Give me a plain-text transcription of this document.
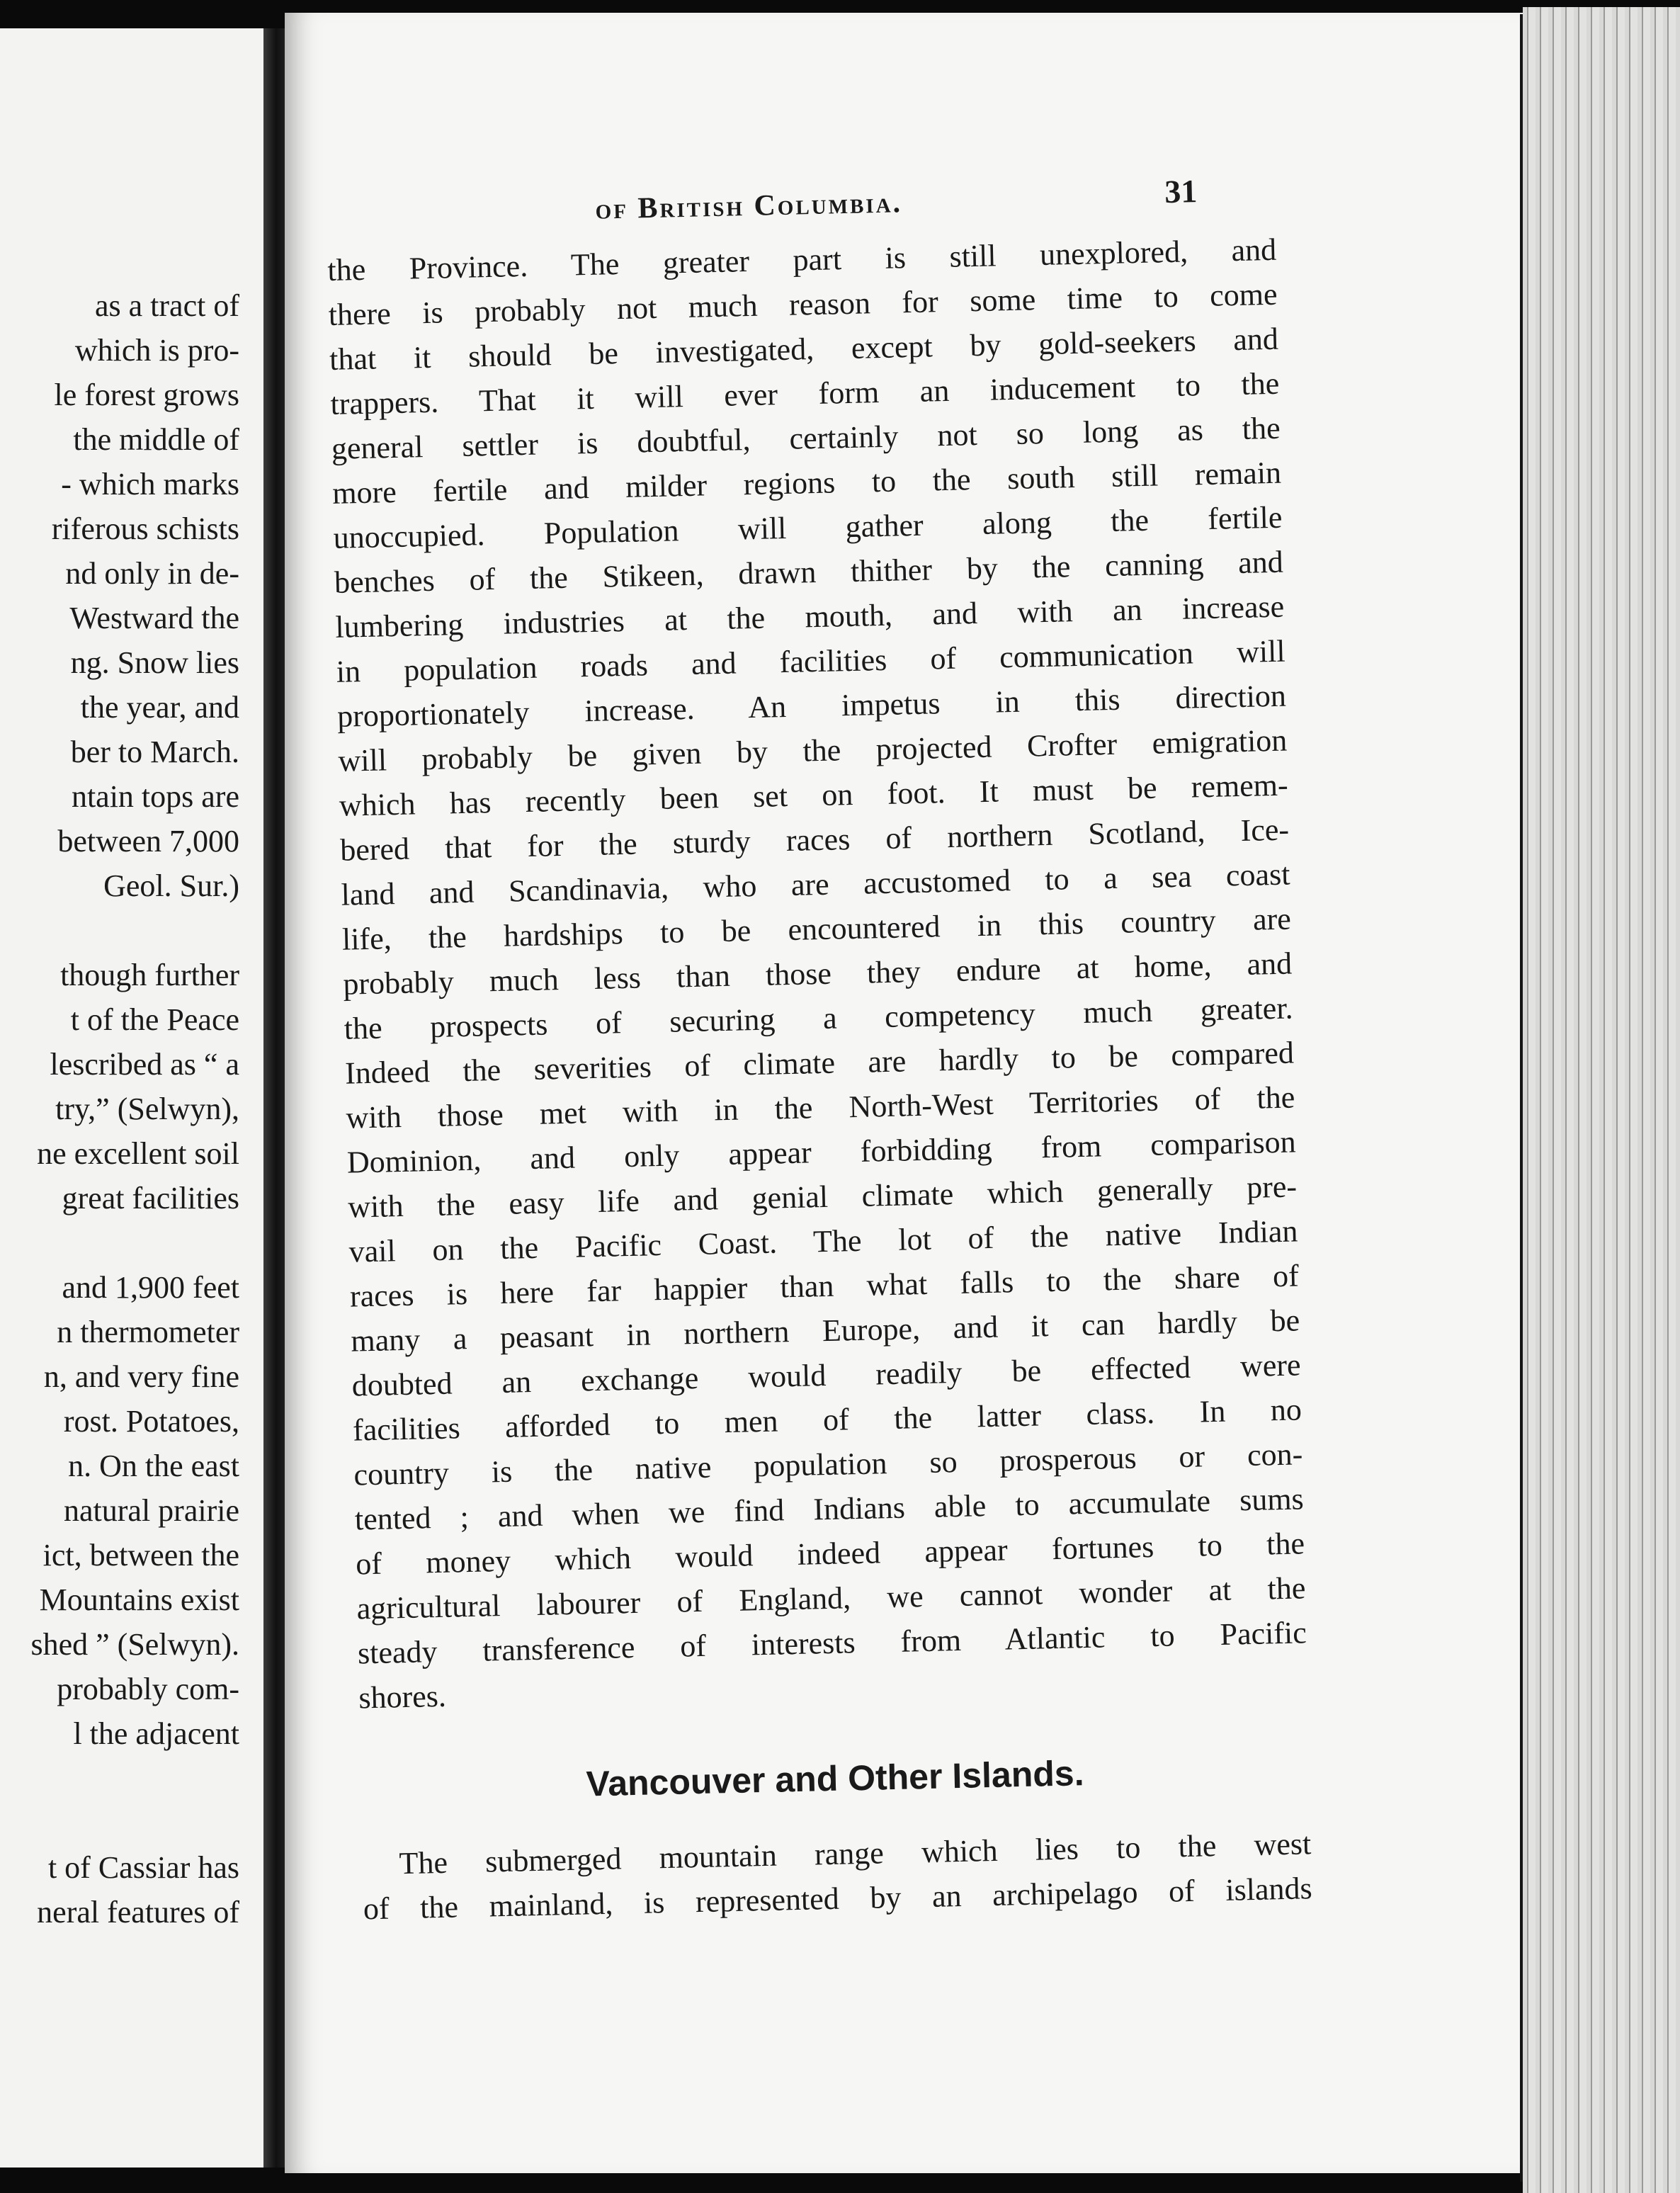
as a tract of
which is pro-
le forest grows
the middle of
- which marks
riferous schists
nd only in de-
Westward the
ng. Snow lies
the year, and
ber to March.
ntain tops are
between 7,000
Geol. Sur.)
though further
t of the Peace
lescribed as “ a
try,” (Selwyn),
ne excellent soil
great facilities
and 1,900 feet
n thermometer
n, and very fine
rost. Potatoes,
n. On the east
natural prairie
ict, between the
Mountains exist
shed ” (Selwyn).
probably com-
l the adjacent
t of Cassiar has
neral features of
of British Columbia.	31
the Province. The greater part is still unexplored, and
there is probably not much reason for some time to come
that it should be investigated, except by gold-seekers and
trappers. That it will ever form an inducement to the
general settler is doubtful, certainly not so long as the
more fertile and milder regions to the south still remain
unoccupied. Population will gather along the fertile
benches of the Stikeen, drawn thither by the canning and
lumbering industries at the mouth, and with an increase
in population roads and facilities of communication will
proportionately increase. An impetus in this direction
will probably be given by the projected Crofter emigration
which has recently been set on foot. It must be remem-
bered that for the sturdy races of northern Scotland, Ice-
land and Scandinavia, who are accustomed to a sea coast
life, the hardships to be encountered in this country are
probably much less than those they endure at home, and
the prospects of securing a competency much greater.
Indeed the severities of climate are hardly to be compared
with those met with in the North-West Territories of the
Dominion, and only appear forbidding from comparison
with the easy life and genial climate which generally pre-
vail on the Pacific Coast. The lot of the native Indian
races is here far happier than what falls to the share of
many a peasant in northern Europe, and it can hardly be
doubted an exchange would readily be effected were
facilities afforded to men of the latter class. In no
country is the native population so prosperous or con-
tented ; and when we find Indians able to accumulate sums
of money which would indeed appear fortunes to the
agricultural labourer of England, we cannot wonder at the
steady transference of interests from Atlantic to Pacific
shores.
Vancouver and Other Islands.
The submerged mountain range which lies to the west
of the mainland, is represented by an archipelago of islands
